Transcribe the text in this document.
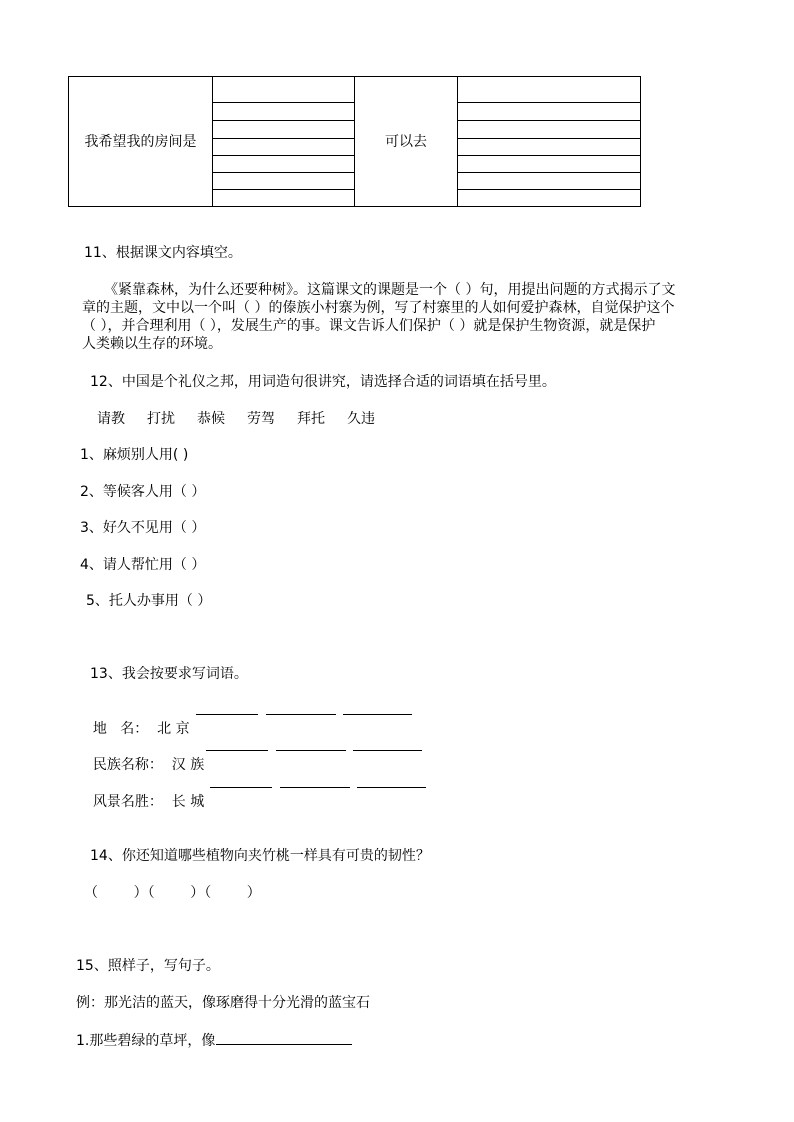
我希望我的房间是	可以去
11、根据课文内容填空。
《紧靠森林，为什么还要种树》。这篇课文的课题是一个（ ）句，用提出问题的方式揭示了文
章的主题，文中以一个叫（ ）的傣族小村寨为例，写了村寨里的人如何爱护森林，自觉保护这个
（ ），并合理利用（ ），发展生产的事。课文告诉人们保护（ ）就是保护生物资源，就是保护
人类赖以生存的环境。
12、中国是个礼仪之邦，用词造句很讲究，请选择合适的词语填在括号里。
请教 打扰 恭候 劳驾 拜托 久违
1、麻烦别人用( )
2、等候客人用（ ）
3、好久不见用（ ）
4、请人帮忙用（ ）
5、托人办事用（ ）
13、我会按要求写词语。

地   名：  北 京

民族名称：  汉 族

风景名胜：  长 城

14、你还知道哪些植物向夹竹桃一样具有可贵的韧性？
（        ）（        ）（        ）
15、照样子，写句子。
例：那光洁的蓝天，像琢磨得十分光滑的蓝宝石
1.那些碧绿的草坪，像
